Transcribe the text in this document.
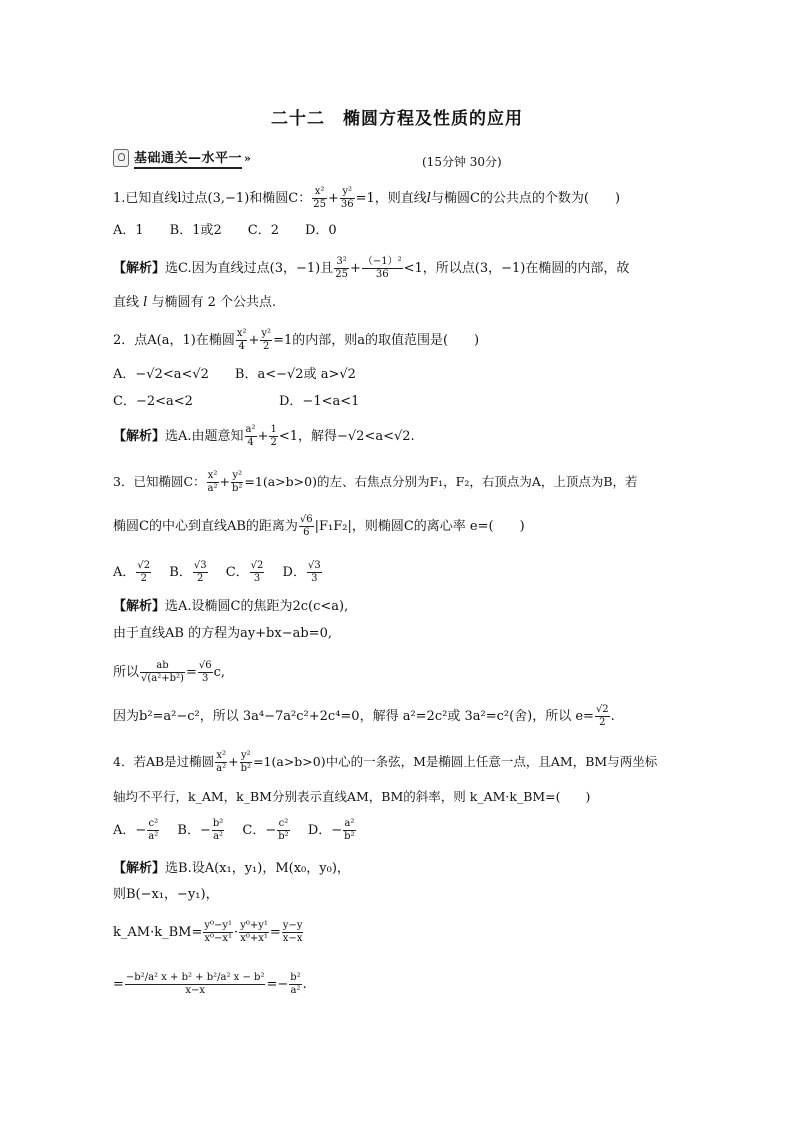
二十二 椭圆方程及性质的应用
基础通关—水平一 »	(15分钟 30分)
1.已知直线l过点(3,−1)和椭圆C： $\frac{\text{x²}}{25} + \frac{\text{y²}}{36} =1$，则直线l与椭圆C的公共点的个数为(　　)
A．1　　B．1或2　　C．2　　D．0
【解析】选C.因为直线过点(3，−1)且 $\frac{\text{3²}}{25} + \frac{\text{（−1）²}}{36} <1$，所以点(3，−1)在椭圆的内部，故
直线 l 与椭圆有 2 个公共点.
2．点A(a，1)在椭圆 $\frac{\text{x²}}{4} + \frac{\text{y²}}{2} =1$的内部，则a的取值范围是(　　)
A．−√2<a<√2　　B．a<−√2或 a>√2
C．−2<a<2	D．−1<a<1
【解析】选A.由题意知 $\frac{\text{a²}}{4} + \frac{1}{2} <1$，解得−√2<a<√2.
3．已知椭圆C： $\frac{\text{x²}}{\text{a²}} + \frac{\text{y²}}{\text{b²}} =1(a>b>0)$的左、右焦点分别为F₁，F₂，右顶点为A，上顶点为B，若
椭圆C的中心到直线AB的距离为 $\frac{√6}{6} |F_1F_2|$，则椭圆C的离心率 e=(　　)
A． $\frac{√2}{2}$
  B． $\frac{√3}{2}$
  C． $\frac{√2}{3}$
  D． $\frac{√3}{3}$
【解析】选A.设椭圆C的焦距为2c(c<a),
由于直线AB 的方程为ay+bx−ab=0,
所以 $\frac{ab}{\text{√(a²+b²)}} = \frac{√6}{3} c$,
因为b²=a²−c²，所以 3a⁴−7a²c²+2c⁴=0，解得 a²=2c²或 3a²=c²(舍)，所以 $e= \frac{√2}{2}$ .
4．若AB是过椭圆 $\frac{\text{x²}}{\text{a²}} + \frac{\text{y²}}{\text{b²}} =1(a>b>0)$中心的一条弦，M是椭圆上任意一点，且AM，BM与两坐标
轴均不平行，k_AM，k_BM分别表示直线AM，BM的斜率，则 k_AM·k_BM=(　　)
A．− $\frac{\text{c²}}{\text{a²}}$
  B．− $\frac{\text{b²}}{\text{a²}}$
  C．− $\frac{\text{c²}}{\text{b²}}$
  D．− $\frac{\text{a²}}{\text{b²}}$
【解析】选B.设A(x₁，y₁)，M(x₀，y₀)，
则B(−x₁，−y₁)，
k_AM·k_BM= $\frac{\text{y⁰−y¹}}{\text{x⁰−x¹}} \cdot \frac{\text{y⁰+y¹}}{\text{x⁰+x¹}} = \frac{y-y}{x-x}$
= $\frac{\text{−b²/a² x + b² + b²/a² x − b²}}{x-x} =- \frac{\text{b²}}{\text{a²}}$ .
